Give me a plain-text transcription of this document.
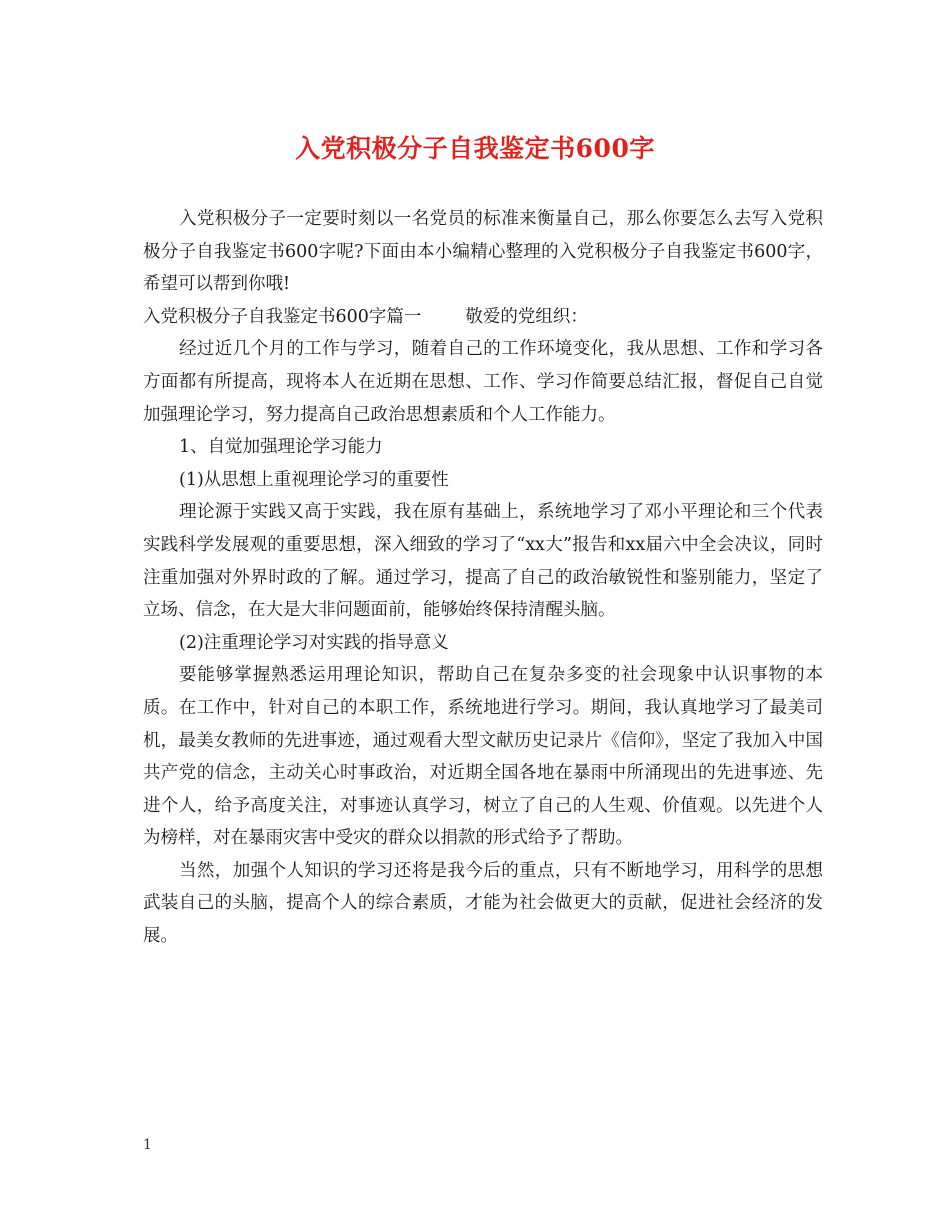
入党积极分子自我鉴定书600字

入党积极分子一定要时刻以一名党员的标准来衡量自己，那么你要怎么去写入党积极分子自我鉴定书600字呢?下面由本小编精心整理的入党积极分子自我鉴定书600字，希望可以帮到你哦!

入党积极分子自我鉴定书600字篇一	敬爱的党组织：

经过近几个月的工作与学习，随着自己的工作环境变化，我从思想、工作和学习各方面都有所提高，现将本人在近期在思想、工作、学习作简要总结汇报，督促自己自觉加强理论学习，努力提高自己政治思想素质和个人工作能力。

1、自觉加强理论学习能力

(1)从思想上重视理论学习的重要性

理论源于实践又高于实践，我在原有基础上，系统地学习了邓小平理论和三个代表实践科学发展观的重要思想，深入细致的学习了“xx大”报告和xx届六中全会决议，同时注重加强对外界时政的了解。通过学习，提高了自己的政治敏锐性和鉴别能力，坚定了立场、信念，在大是大非问题面前，能够始终保持清醒头脑。

(2)注重理论学习对实践的指导意义

要能够掌握熟悉运用理论知识，帮助自己在复杂多变的社会现象中认识事物的本质。在工作中，针对自己的本职工作，系统地进行学习。期间，我认真地学习了最美司机，最美女教师的先进事迹，通过观看大型文献历史记录片《信仰》，坚定了我加入中国共产党的信念，主动关心时事政治，对近期全国各地在暴雨中所涌现出的先进事迹、先进个人，给予高度关注，对事迹认真学习，树立了自己的人生观、价值观。以先进个人为榜样，对在暴雨灾害中受灾的群众以捐款的形式给予了帮助。

当然，加强个人知识的学习还将是我今后的重点，只有不断地学习，用科学的思想武装自己的头脑，提高个人的综合素质，才能为社会做更大的贡献，促进社会经济的发展。

1
